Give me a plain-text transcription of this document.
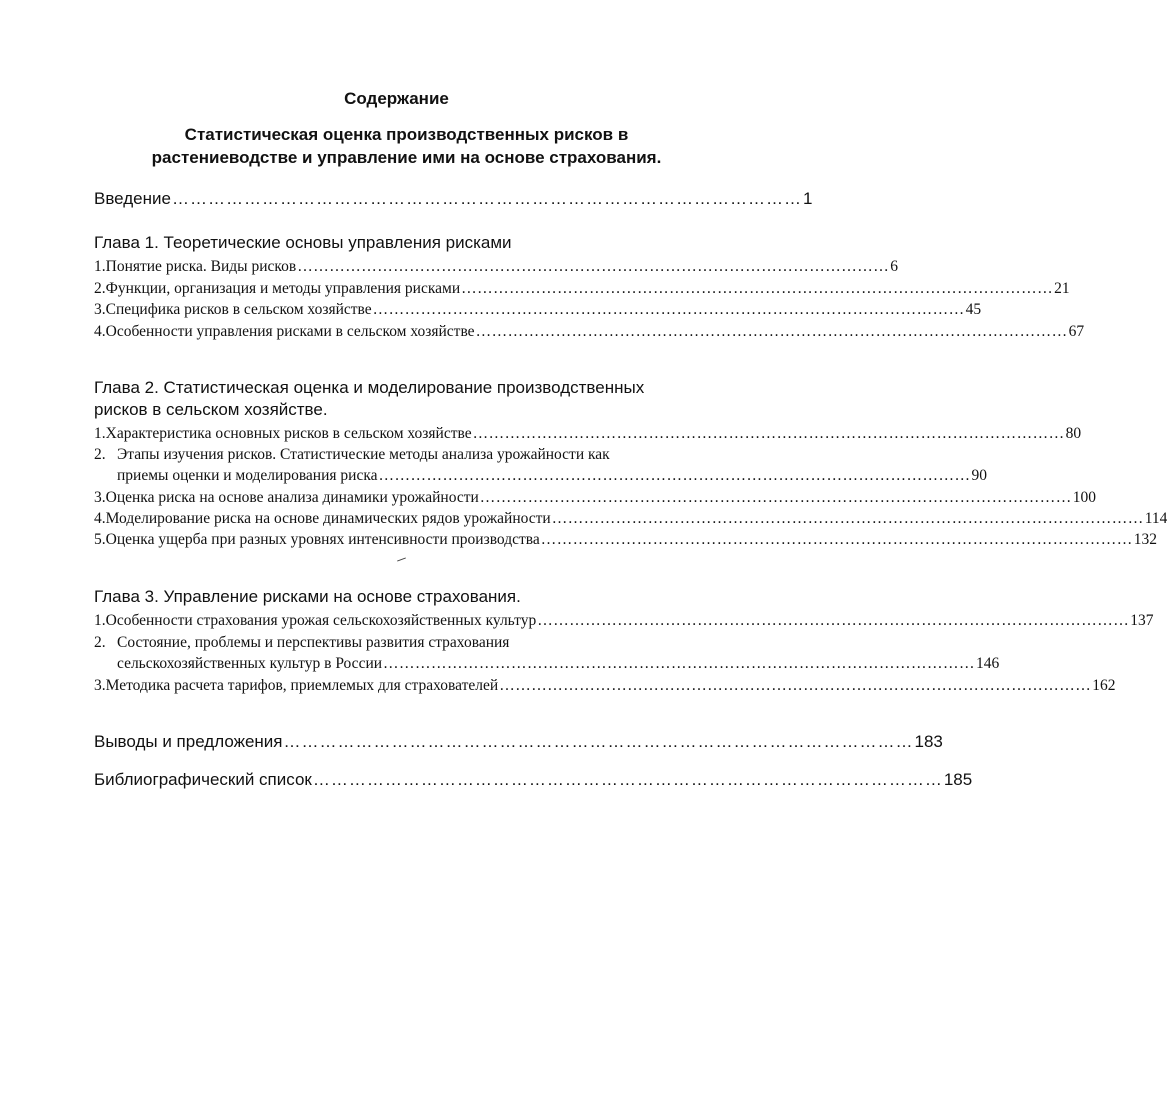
Содержание
Статистическая оценка производственных рисков в
растениеводстве и управление ими на основе страхования.
Введение …………………………………………………………………………………………… 1
Глава 1. Теоретические основы управления рисками
1. Понятие риска. Виды рисков ………………………………………………………………………………………………… 6
2. Функции, организация и методы управления рисками ………………………………………………………………………………………………… 21
3. Специфика рисков в сельском хозяйстве ………………………………………………………………………………………………… 45
4. Особенности управления рисками в сельском хозяйстве ………………………………………………………………………………………………… 67
Глава 2. Статистическая оценка и моделирование производственных
рисков в сельском хозяйстве.
1. Характеристика основных рисков в сельском хозяйстве ………………………………………………………………………………………………… 80
2. Этапы изучения рисков. Статистические методы анализа урожайности как
приемы оценки и моделирования риска ………………………………………………………………………………………………… 90
3. Оценка риска на основе анализа динамики урожайности ………………………………………………………………………………………………… 100
4. Моделирование риска на основе динамических рядов урожайности ………………………………………………………………………………………………… 114
5. Оценка ущерба при разных уровнях интенсивности производства ………………………………………………………………………………………………… 132
Глава 3. Управление рисками на основе страхования.
1. Особенности страхования урожая сельскохозяйственных культур ………………………………………………………………………………………………… 137
2. Состояние, проблемы и перспективы развития страхования
сельскохозяйственных культур в России ………………………………………………………………………………………………… 146
3. Методика расчета тарифов, приемлемых для страхователей ………………………………………………………………………………………………… 162
Выводы и предложения …………………………………………………………………………………………… 183
Библиографический список …………………………………………………………………………………………… 185
